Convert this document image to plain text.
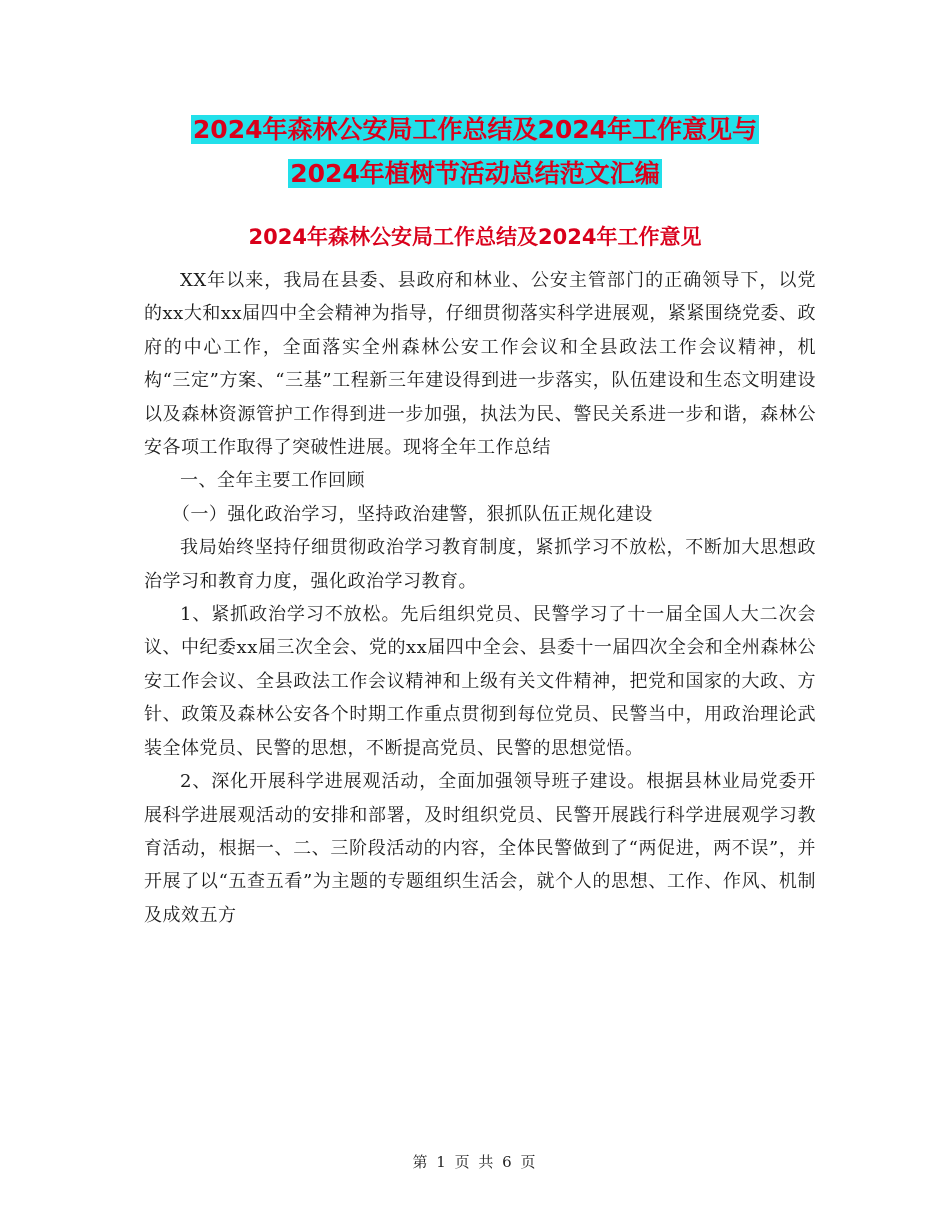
2024年森林公安局工作总结及2024年工作意见与
2024年植树节活动总结范文汇编
2024年森林公安局工作总结及2024年工作意见

XX年以来，我局在县委、县政府和林业、公安主管部门的正确领导下，以党的xx大和xx届四中全会精神为指导，仔细贯彻落实科学进展观，紧紧围绕党委、政府的中心工作，全面落实全州森林公安工作会议和全县政法工作会议精神，机构“三定”方案、“三基”工程新三年建设得到进一步落实，队伍建设和生态文明建设以及森林资源管护工作得到进一步加强，执法为民、警民关系进一步和谐，森林公安各项工作取得了突破性进展。现将全年工作总结

一、全年主要工作回顾

（一）强化政治学习，坚持政治建警，狠抓队伍正规化建设

我局始终坚持仔细贯彻政治学习教育制度，紧抓学习不放松，不断加大思想政治学习和教育力度，强化政治学习教育。

1、紧抓政治学习不放松。先后组织党员、民警学习了十一届全国人大二次会议、中纪委xx届三次全会、党的xx届四中全会、县委十一届四次全会和全州森林公安工作会议、全县政法工作会议精神和上级有关文件精神，把党和国家的大政、方针、政策及森林公安各个时期工作重点贯彻到每位党员、民警当中，用政治理论武装全体党员、民警的思想，不断提高党员、民警的思想觉悟。

2、深化开展科学进展观活动，全面加强领导班子建设。根据县林业局党委开展科学进展观活动的安排和部署，及时组织党员、民警开展践行科学进展观学习教育活动，根据一、二、三阶段活动的内容，全体民警做到了“两促进，两不误”，并开展了以“五查五看”为主题的专题组织生活会，就个人的思想、工作、作风、机制及成效五方

第 1 页 共 6 页
